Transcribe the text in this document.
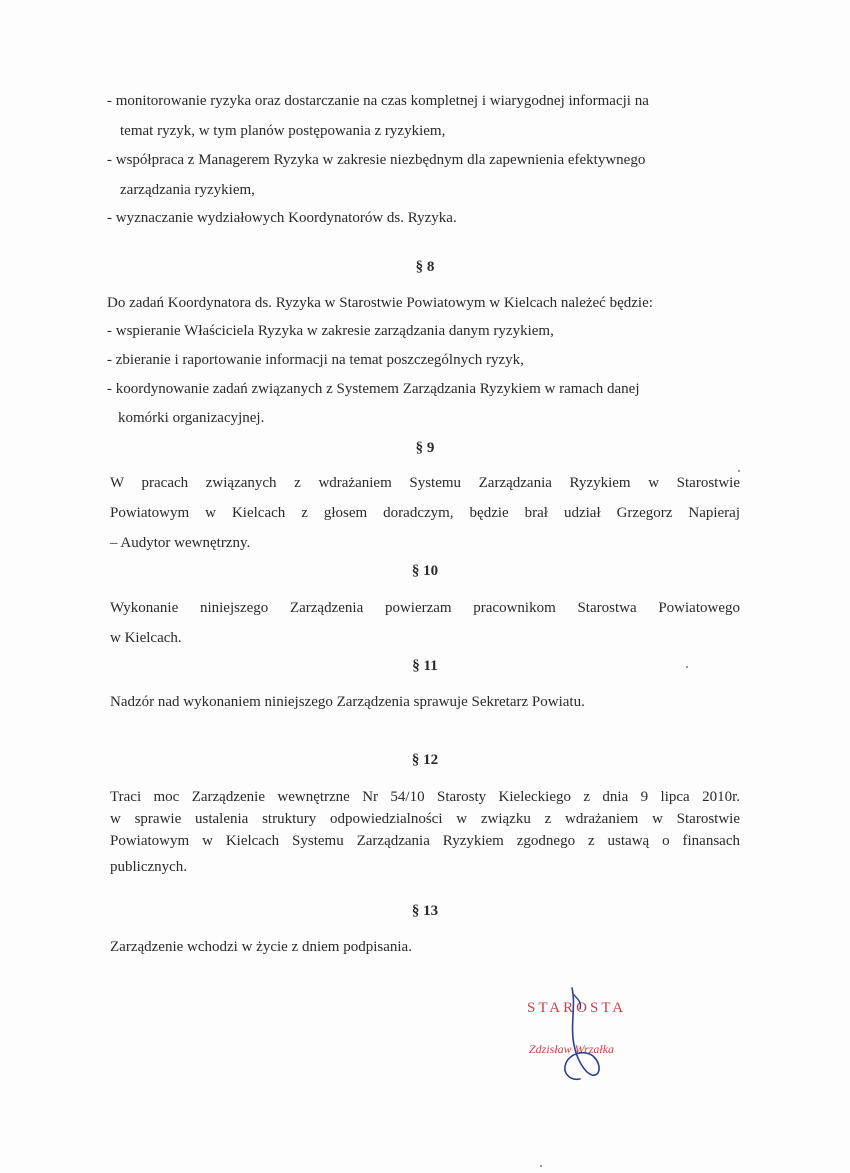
- monitorowanie ryzyka oraz dostarczanie na czas kompletnej i wiarygodnej informacji na
temat ryzyk, w tym planów postępowania z ryzykiem,
- współpraca z Managerem Ryzyka w zakresie niezbędnym dla zapewnienia efektywnego
zarządzania ryzykiem,
- wyznaczanie wydziałowych Koordynatorów ds. Ryzyka.
§ 8
Do zadań Koordynatora ds. Ryzyka w Starostwie Powiatowym w Kielcach należeć będzie:
- wspieranie Właściciela Ryzyka w zakresie zarządzania danym ryzykiem,
- zbieranie i raportowanie informacji na temat poszczególnych ryzyk,
- koordynowanie zadań związanych z Systemem Zarządzania Ryzykiem w ramach danej
komórki organizacyjnej.
§ 9
W pracach związanych z wdrażaniem Systemu Zarządzania Ryzykiem w Starostwie
Powiatowym w Kielcach z głosem doradczym, będzie brał udział Grzegorz Napieraj
– Audytor wewnętrzny.
§ 10
Wykonanie niniejszego Zarządzenia powierzam pracownikom Starostwa Powiatowego
w Kielcach.
§ 11
Nadzór nad wykonaniem niniejszego Zarządzenia sprawuje Sekretarz Powiatu.
§ 12
Traci moc Zarządzenie wewnętrzne Nr 54/10 Starosty Kieleckiego z dnia 9 lipca 2010r.
w sprawie ustalenia struktury odpowiedzialności w związku z wdrażaniem w Starostwie
Powiatowym w Kielcach Systemu Zarządzania Ryzykiem zgodnego z ustawą o finansach
publicznych.
§ 13
Zarządzenie wchodzi w życie z dniem podpisania.
STAROSTA
Zdzisław Wrzałka
